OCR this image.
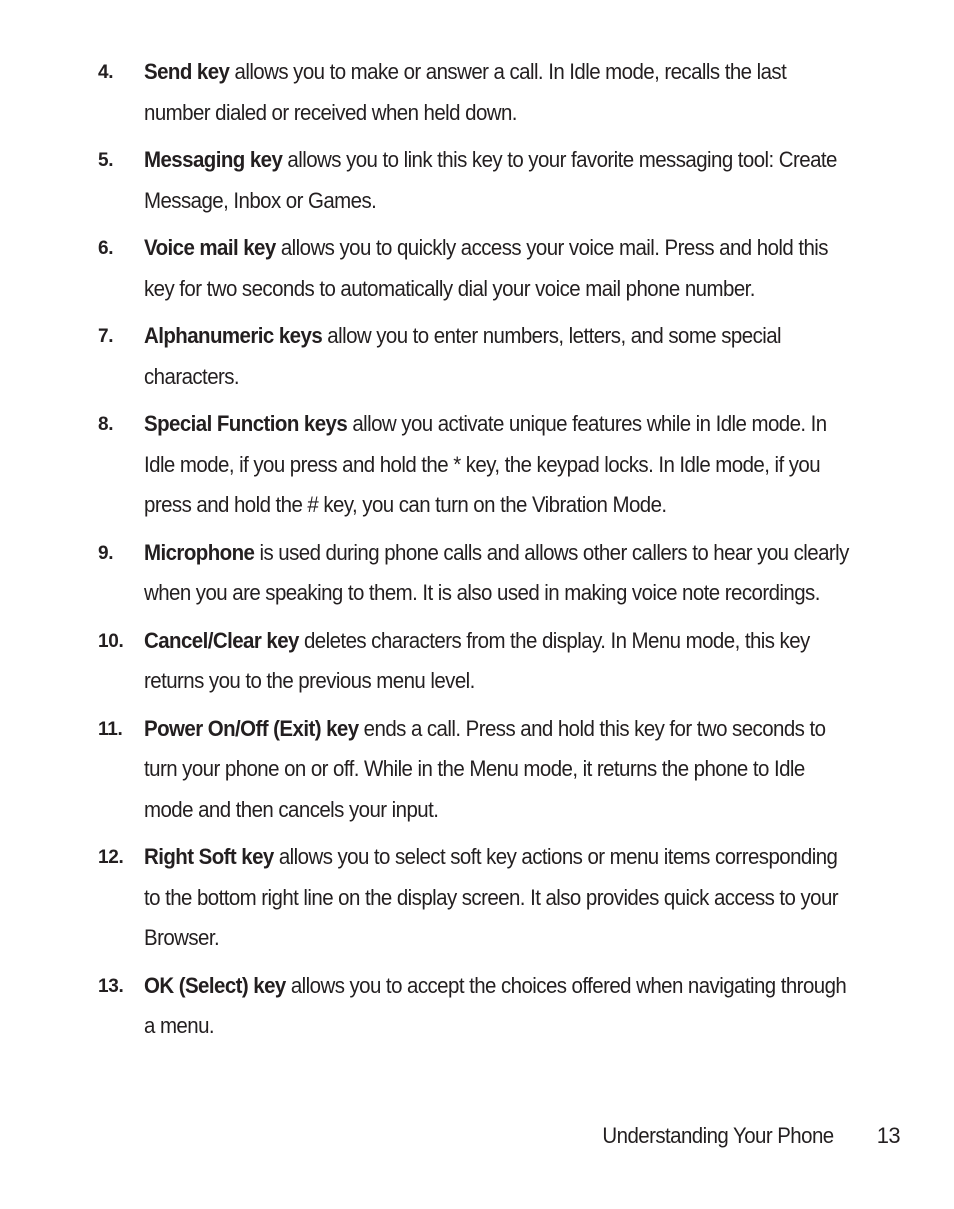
4.	Send key allows you to make or answer a call. In Idle mode, recalls the last number dialed or received when held down.
5.	Messaging key allows you to link this key to your favorite messaging tool: Create Message, Inbox or Games.
6.	Voice mail key allows you to quickly access your voice mail. Press and hold this key for two seconds to automatically dial your voice mail phone number.
7.	Alphanumeric keys allow you to enter numbers, letters, and some special characters.
8.	Special Function keys allow you activate unique features while in Idle mode. In Idle mode, if you press and hold the * key, the keypad locks. In Idle mode, if you press and hold the # key, you can turn on the Vibration Mode.
9.	Microphone is used during phone calls and allows other callers to hear you clearly when you are speaking to them. It is also used in making voice note recordings.
10. Cancel/Clear key deletes characters from the display. In Menu mode, this key returns you to the previous menu level.
11. Power On/Off (Exit) key ends a call. Press and hold this key for two seconds to turn your phone on or off. While in the Menu mode, it returns the phone to Idle mode and then cancels your input.
12. Right Soft key allows you to select soft key actions or menu items corresponding to the bottom right line on the display screen. It also provides quick access to your Browser.
13. OK (Select) key allows you to accept the choices offered when navigating through a menu.
Understanding Your Phone 13
